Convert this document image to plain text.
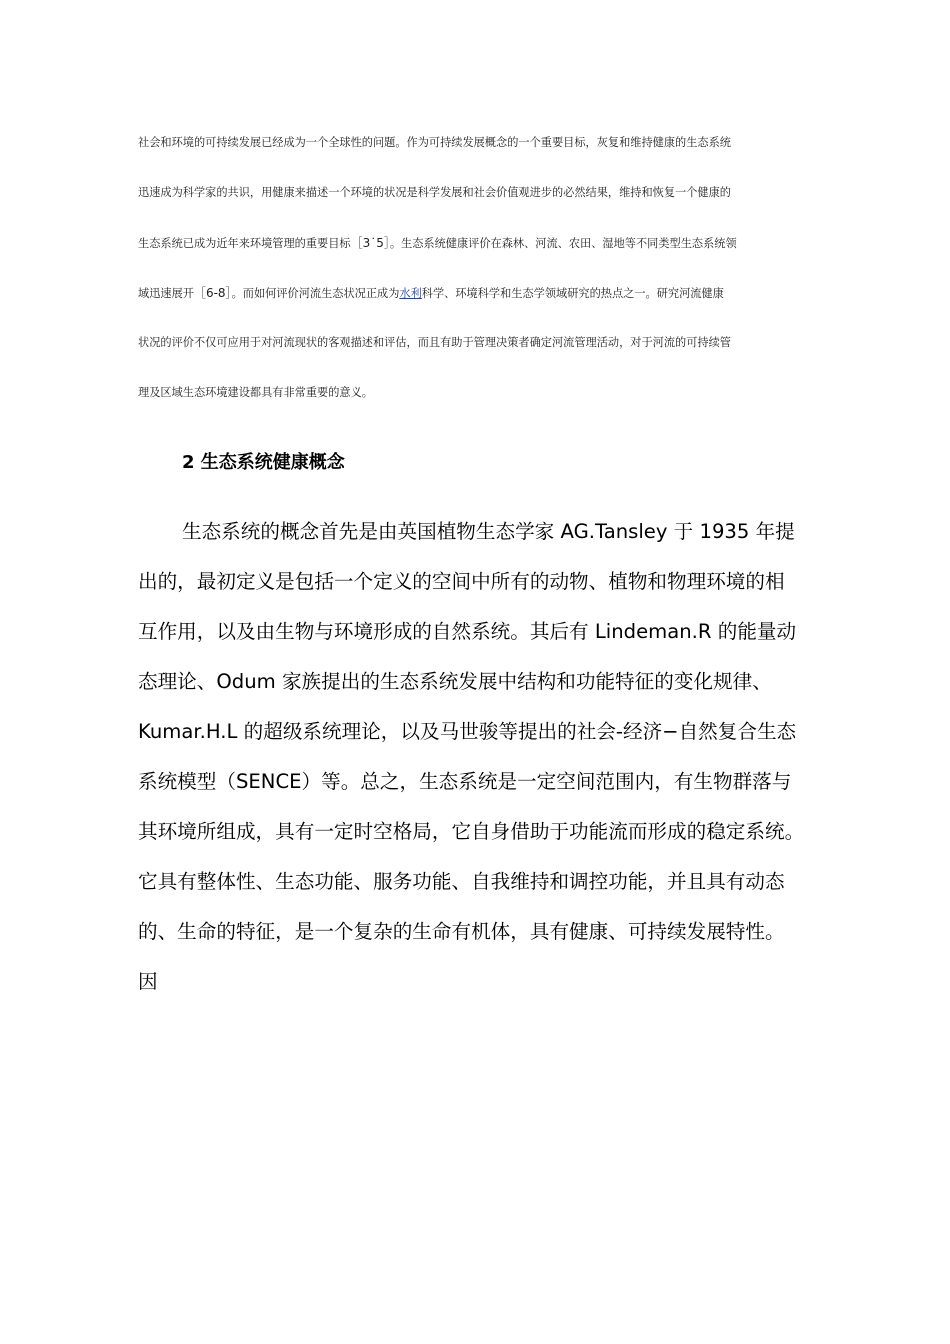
社会和环境的可持续发展已经成为一个全球性的问题。作为可持续发展概念的一个重要目标，灰复和维持健康的生态系统
迅速成为科学家的共识，用健康来描述一个环境的状况是科学发展和社会价值观进步的必然结果，维持和恢复一个健康的
生态系统已成为近年来环境管理的重要目标［3˙5］。生态系统健康评价在森林、河流、农田、湿地等不同类型生态系统领
域迅速展开［6-8］。而如何评价河流生态状况正成为水利科学、环境科学和生态学领域研究的热点之一。研究河流健康
状况的评价不仅可应用于对河流现状的客观描述和评估，而且有助于管理决策者确定河流管理活动，对于河流的可持续管
理及区域生态环境建设都具有非常重要的意义。
2 生态系统健康概念
生态系统的概念首先是由英国植物生态学家 AG.Tansley 于 1935 年提
出的，最初定义是包括一个定义的空间中所有的动物、植物和物理环境的相
互作用，以及由生物与环境形成的自然系统。其后有 Lindeman.R 的能量动
态理论、Odum 家族提出的生态系统发展中结构和功能特征的变化规律、
Kumar.H.L 的超级系统理论，以及马世骏等提出的社会-经济−自然复合生态
系统模型（SENCE）等。总之，生态系统是一定空间范围内，有生物群落与
其环境所组成，具有一定时空格局，它自身借助于功能流而形成的稳定系统。
它具有整体性、生态功能、服务功能、自我维持和调控功能，并且具有动态
的、生命的特征，是一个复杂的生命有机体，具有健康、可持续发展特性。
因
